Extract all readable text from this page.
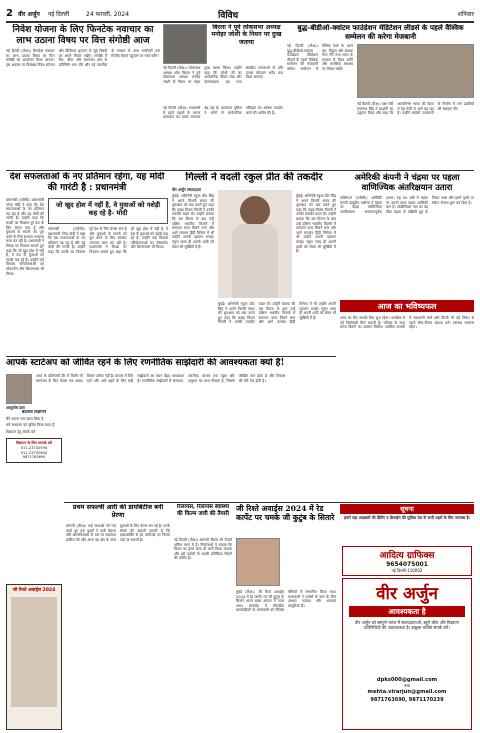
2 वीर अर्जुन नई दिल्ली	24 फरवरी, 2024	विविध	शनिवार
निवेश योजना के लिए फिनटेक नवाचार का लाभ उठाना विषय पर वित्त संगोष्ठी आज
नई दिल्ली (वीअ)। फिनटेक नवाचार का लाभ उठाना विषय पर वित्त संगोष्ठी का आयोजन किया जाएगा। इस अवसर पर विशेषज्ञ निवेश योजना और डिजिटल भुगतान से जुड़े विषयों पर अपने विचार रखेंगे। संगोष्ठी में बैंक, बीमा और स्टार्टअप क्षेत्र के प्रतिनिधि भाग लेंगे और नई तकनीक के माध्यम से आम नागरिकों तक वित्तीय सेवाएं पहुंचाने पर चर्चा करेंगे।
बिरला ने पूर्व लोकसभा अध्यक्ष मनोहर जोशी के निधन पर दुःख जताया
नई दिल्ली (वीअ)। लोकसभा अध्यक्ष ओम बिरला ने पूर्व लोकसभा अध्यक्ष मनोहर जोशी के निधन पर गहरा दुःख व्यक्त किया। उन्होंने कहा कि जोशी जी का सार्वजनिक जीवन लंबा और प्रेरणादायक रहा तथा संसदीय परंपराओं के प्रति उनका योगदान सदैव याद किया जाएगा।
नई दिल्ली (वीअ)। राजधानी में बढ़ते वाहनों के कारण यातायात का दबाव लगातार बढ़ रहा है। यातायात पुलिस ने लोगों से सार्वजनिक परिवहन का अधिक उपयोग करने की अपील की है।
बुद्ध-बीडीओ-क्वांटम फाउंडेशन मेडिटेशन लीडर्स के पहले वैश्विक सम्मेलन की करेगा मेजबानी
नई दिल्ली (वीअ)। बुद्ध-बीडीओ-क्वांटम फाउंडेशन मेडिटेशन लीडर्स के पहले वैश्विक सम्मेलन की मेजबानी करेगा। सम्मेलन में विभिन्न देशों के ध्यान गुरु, विद्वान और साधक भाग लेंगे तथा ध्यान के माध्यम से विश्व शांति और मानसिक स्वास्थ्य पर विचार रखेंगे।
नई दिल्ली (वीअ)। रक्षा मंत्री राजनाथ सिंह ने प्रदर्शनी का उद्घाटन किया और कहा कि आत्मनिर्भर भारत की दिशा में देश तेजी से आगे बढ़ रहा है। उन्होंने स्वदेशी उपकरणों के निर्माण में लगे उद्यमियों की सराहना की।
देश सफलताओं के नए प्रतिमान रहेगा, यह मोदी की गारंटी है : प्रधानमंत्री
वाराणसी (एजेंसी)। प्रधानमंत्री नरेन्द्र मोदी ने कहा कि देश सफलताओं के नए प्रतिमान गढ़ रहा है और यह मोदी की गारंटी है। उन्होंने कहा कि काशी का विकास पूरे देश के लिए प्रेरणा बना है और युवाओं के सपनों को पूरा करने के लिए सरकार लगातार काम कर रही है। प्रधानमंत्री ने विपक्ष पर निशाना साधते हुए कहा कि जो खुद होश में नहीं हैं, वे देश के युवाओं को नशेड़ी कह रहे हैं। उन्होंने कई विकास परियोजनाओं का लोकार्पण और शिलान्यास भी किया।
जो खुद होश में नहीं है, वे युवाओं को नशेड़ी कह रहे है- मोदी
वाराणसी (एजेंसी)। प्रधानमंत्री नरेन्द्र मोदी ने कहा कि देश सफलताओं के नए प्रतिमान गढ़ रहा है और यह मोदी की गारंटी है। उन्होंने कहा कि काशी का विकास पूरे देश के लिए प्रेरणा बना है और युवाओं के सपनों को पूरा करने के लिए सरकार लगातार काम कर रही है। प्रधानमंत्री ने विपक्ष पर निशाना साधते हुए कहा कि जो खुद होश में नहीं हैं, वे देश के युवाओं को नशेड़ी कह रहे हैं। उन्होंने कई विकास परियोजनाओं का लोकार्पण और शिलान्यास भी किया।
गिल्ली ने वदली रकुल प्रीत की तकदीर
वीर अर्जुन संवाददाता
मुंबई। अभिनेत्री रकुल प्रीत सिंह ने अपने फिल्मी सफर की शुरुआत को याद करते हुए कहा कि कन्नड़ फिल्म गिल्ली ने उनकी तकदीर बदल दी। उन्होंने बताया कि उस फिल्म के बाद उन्हें दक्षिण भारतीय फिल्मों में लगातार काम मिलने लगा और आगे चलकर हिंदी सिनेमा में भी उन्होंने अपनी पहचान बनाई। रकुल जल्द ही अपनी शादी को लेकर भी सुर्खियों में हैं।
मुंबई। अभिनेत्री रकुल प्रीत सिंह ने अपने फिल्मी सफर की शुरुआत को याद करते हुए कहा कि कन्नड़ फिल्म गिल्ली ने उनकी तकदीर बदल दी। उन्होंने बताया कि उस फिल्म के बाद उन्हें दक्षिण भारतीय फिल्मों में लगातार काम मिलने लगा और आगे चलकर हिंदी सिनेमा में भी उन्होंने अपनी पहचान बनाई। रकुल जल्द ही अपनी शादी को लेकर भी सुर्खियों में हैं।
मुंबई। अभिनेत्री रकुल प्रीत सिंह ने अपने फिल्मी सफर की शुरुआत को याद करते हुए कहा कि कन्नड़ फिल्म गिल्ली ने उनकी तकदीर बदल दी। उन्होंने बताया कि उस फिल्म के बाद उन्हें दक्षिण भारतीय फिल्मों में लगातार काम मिलने लगा और आगे चलकर हिंदी सिनेमा में भी उन्होंने अपनी पहचान बनाई। रकुल जल्द ही अपनी शादी को लेकर भी सुर्खियों में हैं।
अमेरिकी कंपनी ने चंद्रमा पर पहला वाणिज्यिक अंतरिक्षयान उतारा
वाशिंगटन (एजेंसी)। अमेरिकी कंपनी इंट्यूटिव मशीन्स ने चंद्रमा पर पहला वाणिज्यिक अंतरिक्षयान सफलतापूर्वक उतारा। यह 50 वर्षों में चंद्रमा पर उतरने वाला पहला अमेरिकी यान है। ओडीसियस नाम का यह लैंडर चंद्रमा के दक्षिणी ध्रुव के निकट उतरा और इसने पृथ्वी पर संकेत भेजना शुरू कर दिया है।
आज का भविष्यफल
आज का दिन आपके लिए शुभ रहेगा। कार्यक्षेत्र में नई जिम्मेदारी मिल सकती है। परिवार के साथ समय बिताने का अवसर मिलेगा। आर्थिक मामलों में सावधानी बरतें और किसी भी बड़े निवेश से पहले सोच-विचार अवश्य करें। स्वास्थ्य सामान्य रहेगा।
आपके स्टार्टअप को जीवित रहने के लिए रणनीतिक साझेदारी की आवश्यकता क्यों है!
आशुतोष दास
आज के प्रतिस्पर्धी दौर में किसी भी स्टार्टअप के लिए केवल एक अच्छा विचार पर्याप्त नहीं है। बाजार में टिके रहने और आगे बढ़ने के लिए सही साझेदारों का चयन बेहद आवश्यक है। रणनीतिक साझेदारी से संसाधन, तकनीक, बाजार तक पहुंच और अनुभव का लाभ मिलता है, जिससे जोखिम कम होता है और विकास की गति तेज होती है।
बदलाव विज्ञापन
मैंने अपना नाम बदल लिया है
सर्व साधारण को सूचित किया जाता है
विज्ञापन हेतु संपर्क करें
विज्ञापन के लिए सम्पर्क करें
011-23730594
011-23750644
9871763690
प्रथम सफल्त्री आरी की डायबिटीज बनी प्रेरणा
सांगली (वीअ)। कई बाधाओं को पार करते हुए एक युवती ने कड़ी मेहनत और आत्मविश्वास के बल पर सफलता हासिल की और आज वह क्षेत्र के अन्य युवाओं के लिए प्रेरणा बन गई है। उनके संघर्ष की कहानी बताती है कि इच्छाशक्ति से हर कठिनाई पर विजय पाई जा सकती है।
रिलायंस, रिलायंस स्वास्थ्य की फिल्म जारी की तैयारी
नई दिल्ली (वीअ)। आगामी फिल्म की तैयारी अंतिम चरण में है। निर्माताओं ने बताया कि फिल्म का ट्रेलर जल्द ही जारी किया जाएगा और इसे दर्शकों से अच्छी प्रतिक्रिया मिलने की उम्मीद है।
जी रिश्ते अवार्ड्स 2024 में रेड कार्पेट पर चमके जी कुटुंब के सितारे
मुंबई (वीअ)। जी रिश्ते अवार्ड्स 2024 में रेड कार्पेट पर जी कुटुंब के सितारे अपने खास अंदाज में नजर आए। समारोह में लोकप्रिय धारावाहिकों के कलाकारों को विभिन्न श्रेणियों में सम्मानित किया गया। कलाकारों ने दर्शकों के प्यार के लिए आभार जताया और शानदार प्रस्तुतियां दीं।
सूचना
हमारे यहां अखबारों की प्रिंटिंग व डिजाईन की सुविधा देश के सभी शहरों के लिए उपलब्ध है।
आदित्य ग्राफिक्स
9654075001
नई दिल्ली-110002
वीर अर्जुन
आवश्यकता है
वीर अर्जुन को सम्पूर्ण भारत में संवाददाताओं, ब्यूरो चीफ और विज्ञापन प्रतिनिधियों की आवश्यकता है। इच्छुक व्यक्ति संपर्क करें।
dpks000@gmail.com
तथा
mehta.virarjun@gmail.com
9871763690, 9871170239
जी रिश्ते अवार्ड्स 2024
